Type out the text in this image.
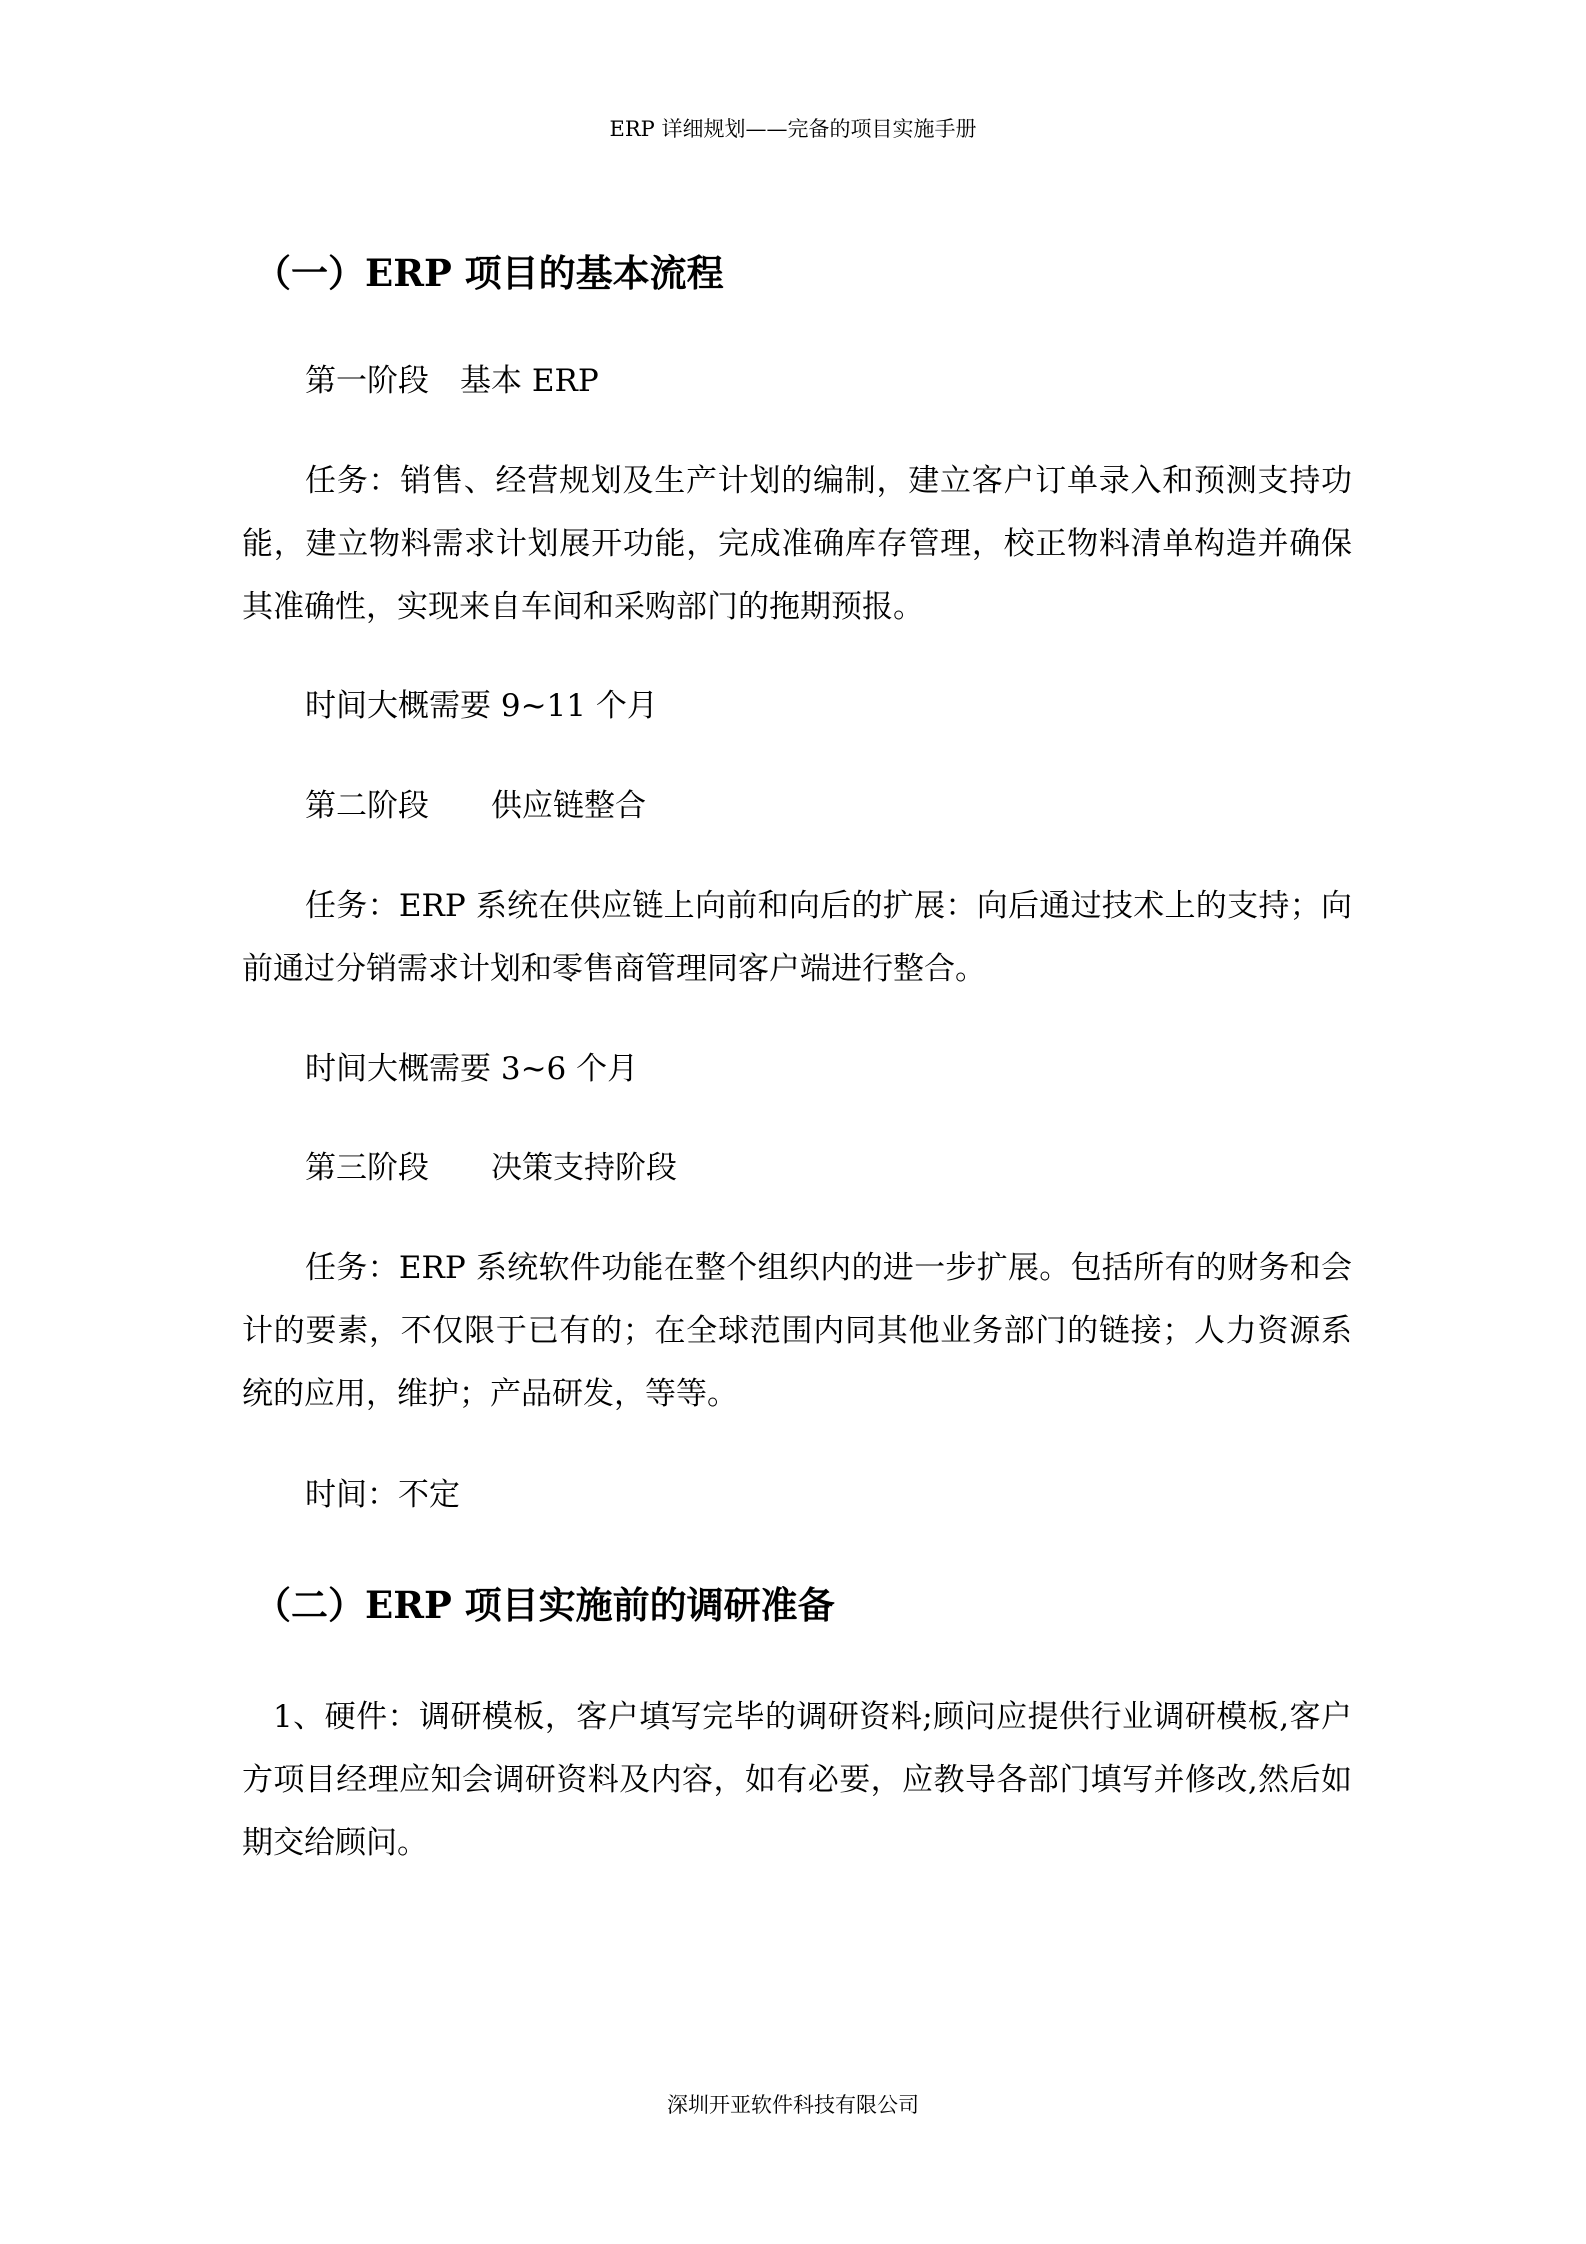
ERP 详细规划——完备的项目实施手册
（一）ERP 项目的基本流程
第一阶段　基本 ERP
任务：销售、经营规划及生产计划的编制，建立客户订单录入和预测支持功能，建立物料需求计划展开功能，完成准确库存管理，校正物料清单构造并确保其准确性，实现来自车间和采购部门的拖期预报。
时间大概需要 9~11 个月
第二阶段　　供应链整合
任务：ERP 系统在供应链上向前和向后的扩展：向后通过技术上的支持；向前通过分销需求计划和零售商管理同客户端进行整合。
时间大概需要 3~6 个月
第三阶段　　决策支持阶段
任务：ERP 系统软件功能在整个组织内的进一步扩展。包括所有的财务和会计的要素，不仅限于已有的；在全球范围内同其他业务部门的链接；人力资源系统的应用，维护；产品研发，等等。
时间：不定
（二）ERP 项目实施前的调研准备
1、硬件：调研模板，客户填写完毕的调研资料;顾问应提供行业调研模板,客户方项目经理应知会调研资料及内容，如有必要，应教导各部门填写并修改,然后如期交给顾问。
深圳开亚软件科技有限公司
